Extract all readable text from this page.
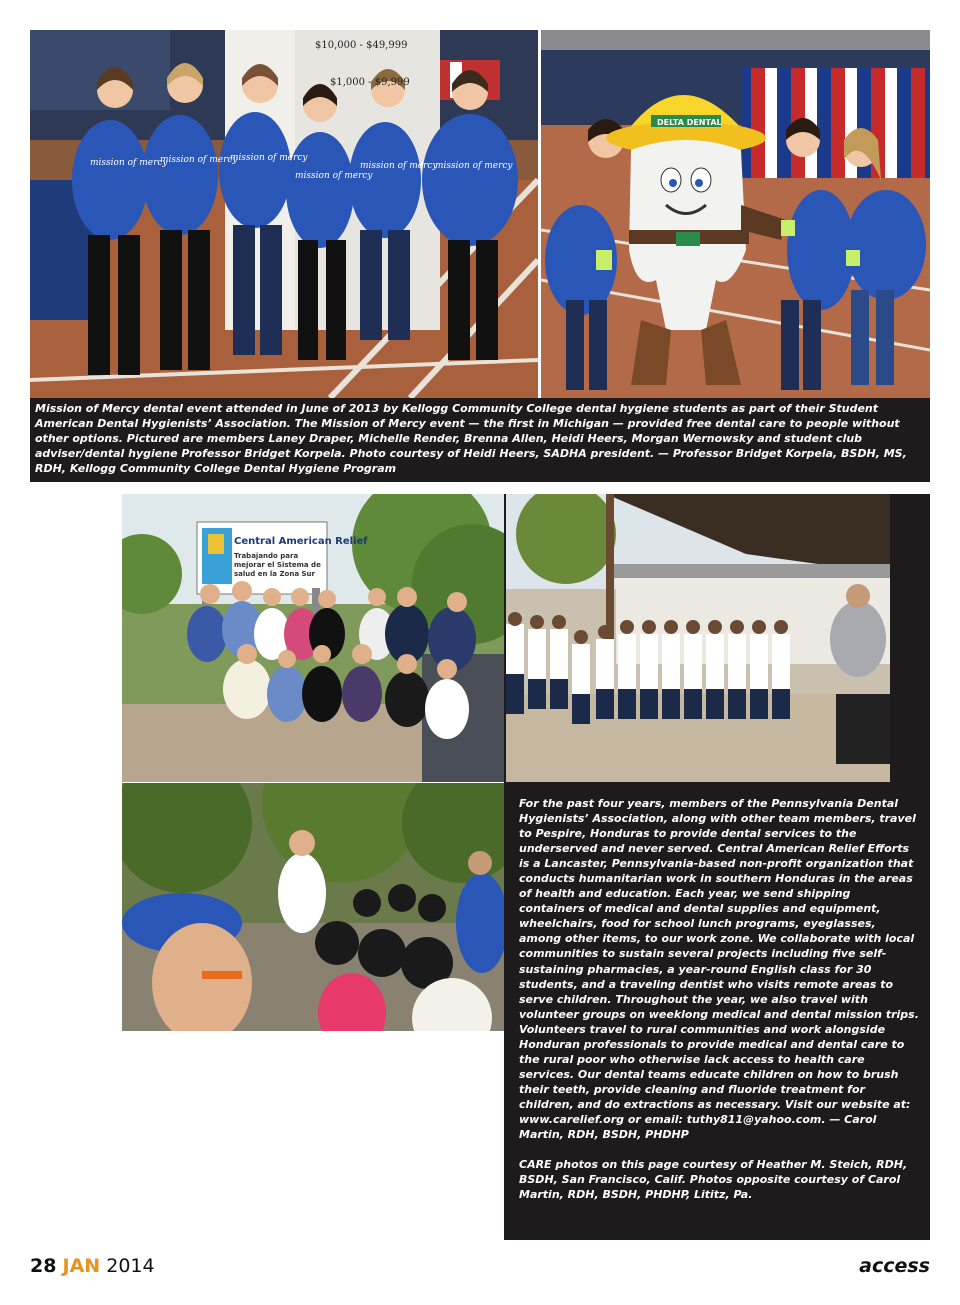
mission of mercy
mission of mercy
mission of mercy
mission of mercy
mission of mercy
mission of mercy
$10,000 - $49,999
$1,000 - $9,999
DELTA DENTAL
Mission of Mercy dental event attended in June of 2013 by Kellogg Community College dental hygiene students as part of their Student American Dental Hygienists’ Association. The Mission of Mercy event — the first in Michigan — provided free dental care to people without other options. Pictured are members Laney Draper, Michelle Render, Brenna Allen, Heidi Heers, Morgan Wernowsky and student club adviser/dental hygiene Professor Bridget Korpela. Photo courtesy of Heidi Heers, SADHA president. — Professor Bridget Korpela, BSDH, MS, RDH, Kellogg Community College Dental Hygiene Program
Central American Relief
Trabajando para mejorar el Sistema de salud en la Zona Sur

For the past four years, members of the Pennsylvania Dental Hygienists’ Association, along with other team members, travel to Pespire, Honduras to provide dental services to the underserved and never served. Central American Relief Efforts is a Lancaster, Pennsylvania-based non-profit organization that conducts humanitarian work in southern Honduras in the areas of health and education. Each year, we send shipping containers of medical and dental supplies and equipment, wheelchairs, food for school lunch programs, eyeglasses, among other items, to our work zone. We collaborate with local communities to sustain several projects including five self-sustaining pharmacies, a year-round English class for 30 students, and a traveling dentist who visits remote areas to serve children. Throughout the year, we also travel with volunteer groups on weeklong medical and dental mission trips. Volunteers travel to rural communities and work alongside Honduran professionals to provide medical and dental care to the rural poor who otherwise lack access to health care services. Our dental teams educate children on how to brush their teeth, provide cleaning and fluoride treatment for children, and do extractions as necessary. Visit our website at: www.carelief.org or email: tuthy811@yahoo.com. — Carol Martin, RDH, BSDH, PHDHP

CARE photos on this page courtesy of Heather M. Steich, RDH, BSDH, San Francisco, Calif. Photos opposite courtesy of Carol Martin, RDH, BSDH, PHDHP, Lititz, Pa.

28 JAN 2014	access
